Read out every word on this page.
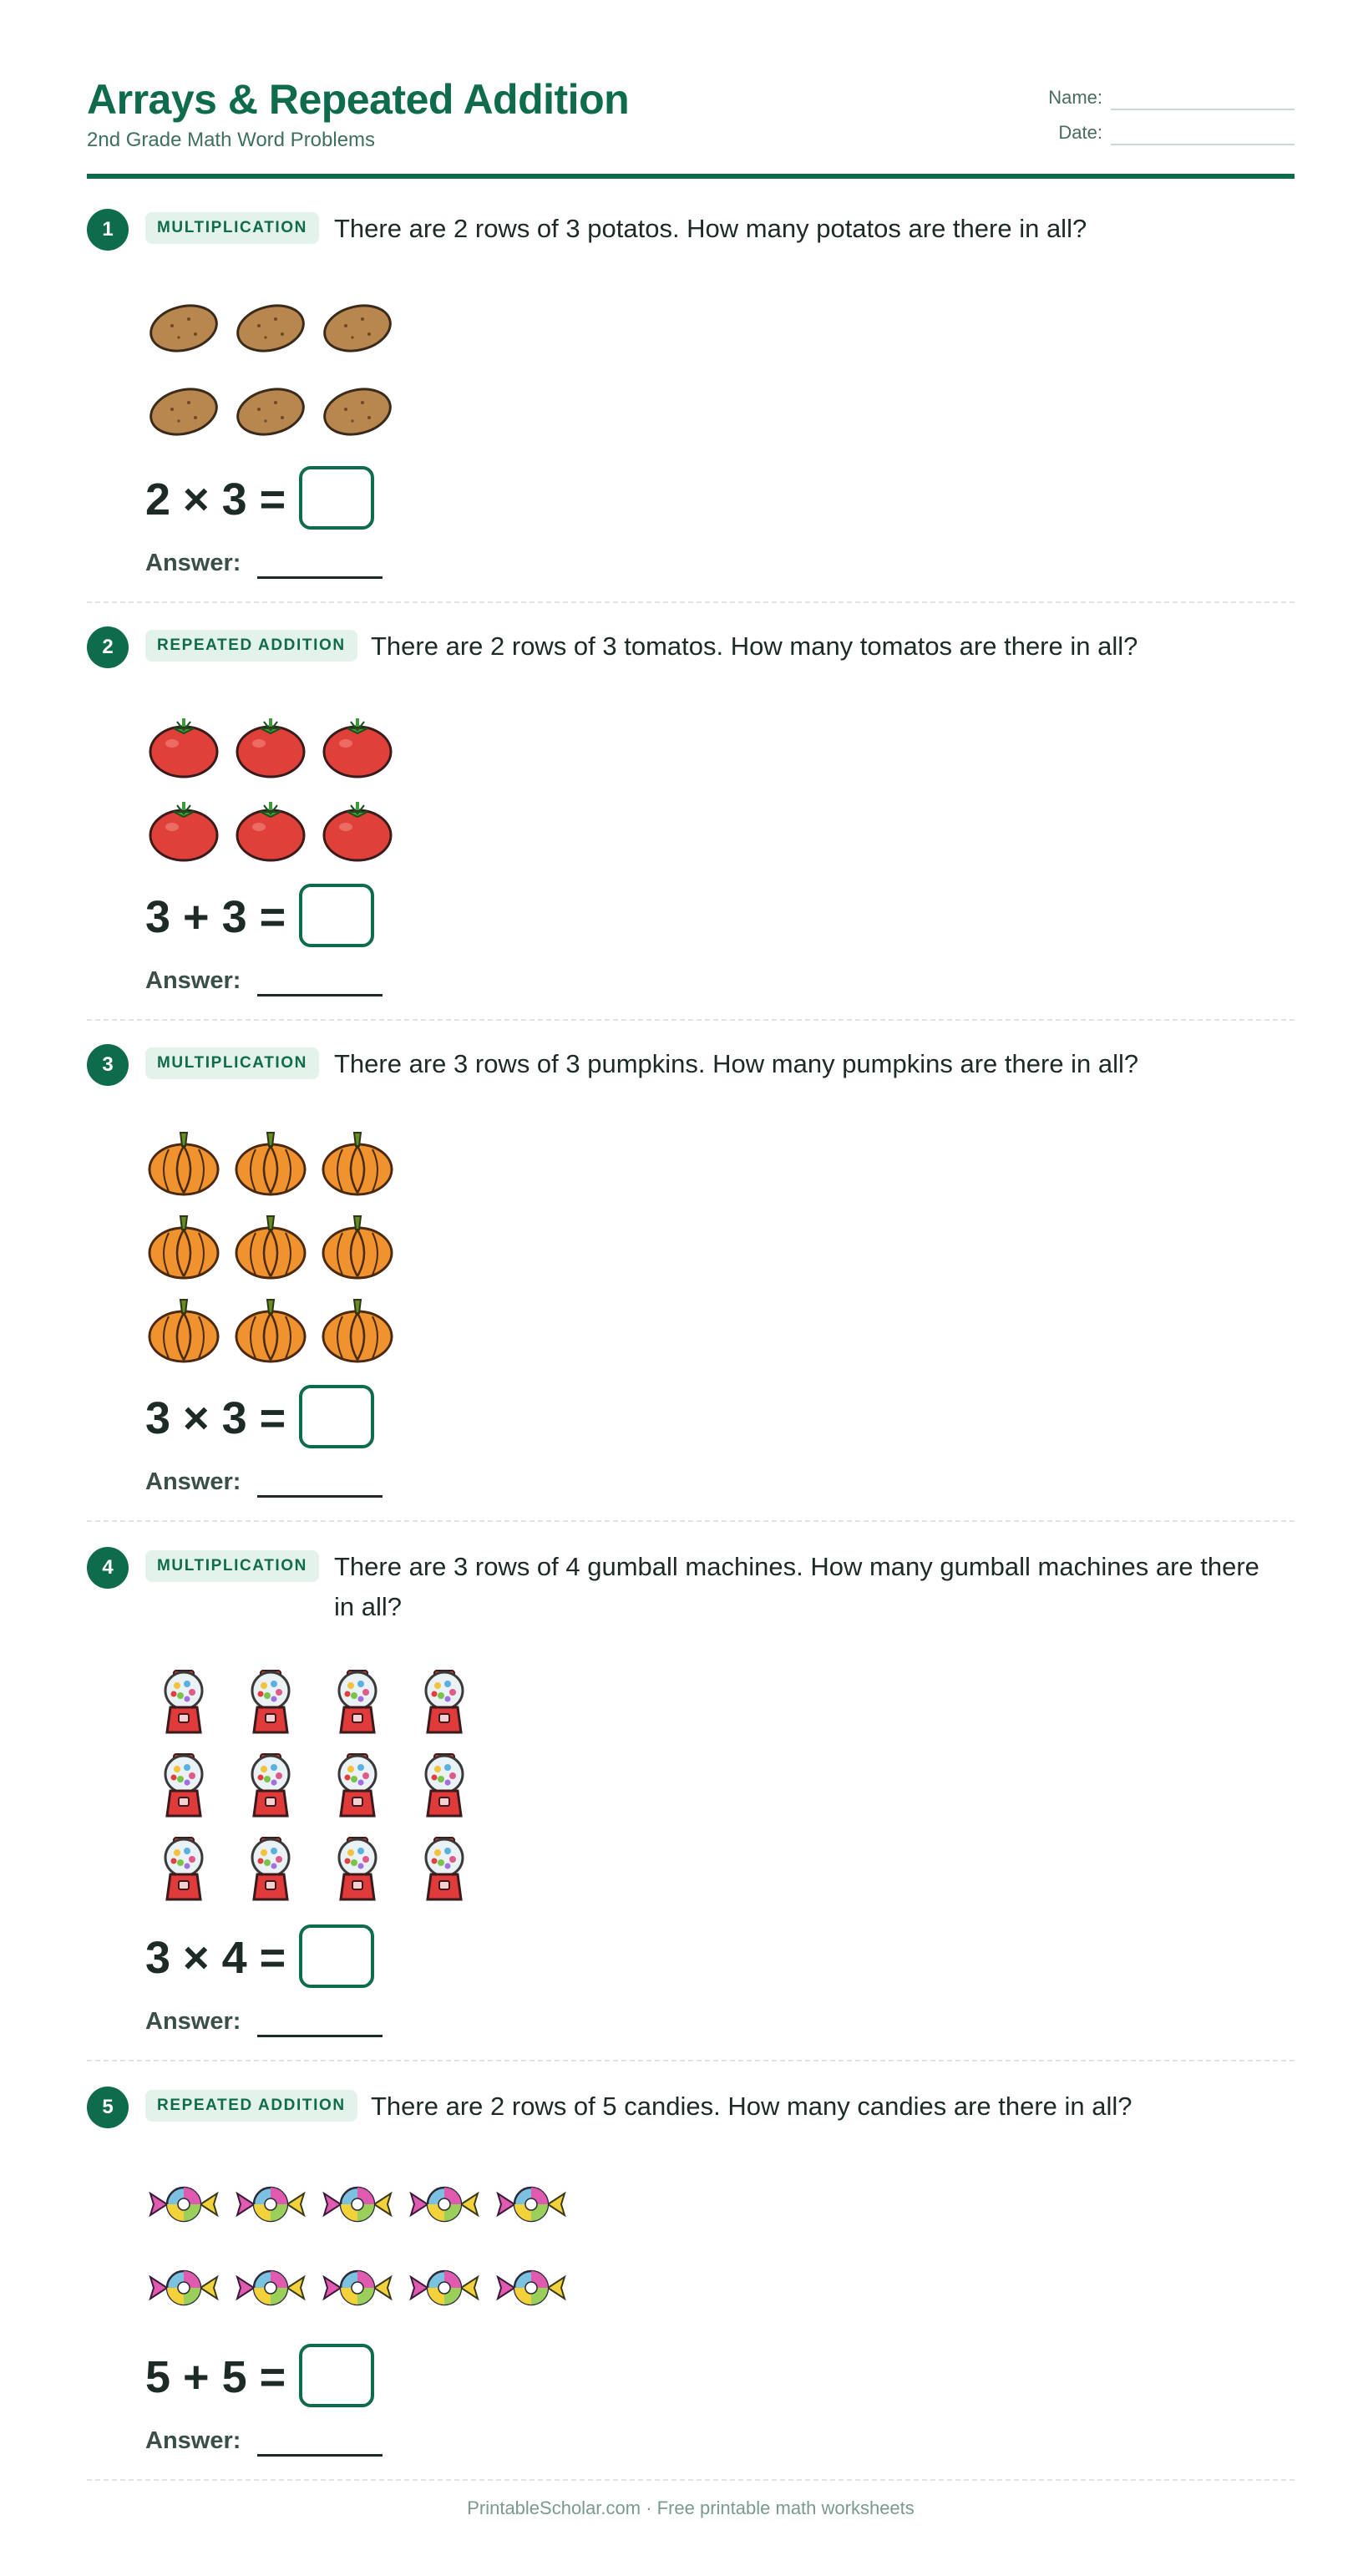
Arrays & Repeated Addition
2nd Grade Math Word Problems
Name:
Date:
1	MULTIPLICATION	There are 2 rows of 3 potatos. How many potatos are there in all?
2 × 3 =
Answer:
2	REPEATED ADDITION There are 2 rows of 3 tomatos. How many tomatos are there in all?
3 + 3 =
Answer:
3	MULTIPLICATION	There are 3 rows of 3 pumpkins. How many pumpkins are there in all?
3 × 3 =
Answer:
4	MULTIPLICATION	There are 3 rows of 4 gumball machines. How many gumball machines are there in all?
3 × 4 =
Answer:
5	REPEATED ADDITION There are 2 rows of 5 candies. How many candies are there in all?
5 + 5 =
Answer:
PrintableScholar.com · Free printable math worksheets
